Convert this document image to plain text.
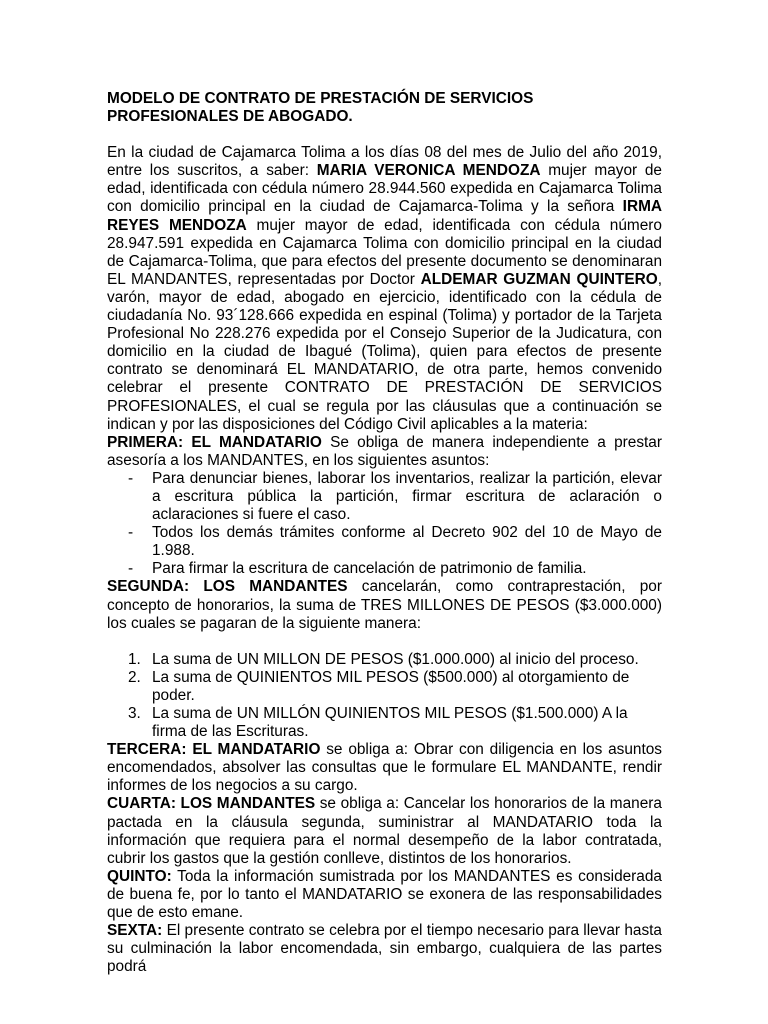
MODELO DE CONTRATO DE PRESTACIÓN DE SERVICIOS PROFESIONALES DE ABOGADO.

En la ciudad de Cajamarca Tolima a los días 08 del mes de Julio del año 2019, entre los suscritos, a saber: MARIA VERONICA MENDOZA mujer mayor de edad, identificada con cédula número 28.944.560 expedida en Cajamarca Tolima con domicilio principal en la ciudad de Cajamarca-Tolima y la señora IRMA REYES MENDOZA mujer mayor de edad, identificada con cédula número 28.947.591 expedida en Cajamarca Tolima con domicilio principal en la ciudad de Cajamarca-Tolima, que para efectos del presente documento se denominaran EL MANDANTES, representadas por Doctor ALDEMAR GUZMAN QUINTERO, varón, mayor de edad, abogado en ejercicio, identificado con la cédula de ciudadanía No. 93´128.666 expedida en espinal (Tolima) y portador de la Tarjeta Profesional No 228.276 expedida por el Consejo Superior de la Judicatura, con domicilio en la ciudad de Ibagué (Tolima), quien para efectos de presente contrato se denominará EL MANDATARIO, de otra parte, hemos convenido celebrar el presente CONTRATO DE PRESTACIÓN DE SERVICIOS PROFESIONALES, el cual se regula por las cláusulas que a continuación se indican y por las disposiciones del Código Civil aplicables a la materia:

PRIMERA: EL MANDATARIO Se obliga de manera independiente a prestar asesoría a los MANDANTES, en los siguientes asuntos:

- Para denunciar bienes, laborar los inventarios, realizar la partición, elevar a escritura pública la partición, firmar escritura de aclaración o aclaraciones si fuere el caso.
- Todos los demás trámites conforme al Decreto 902 del 10 de Mayo de 1.988.
- Para firmar la escritura de cancelación de patrimonio de familia.

SEGUNDA: LOS MANDANTES cancelarán, como contraprestación, por concepto de honorarios, la suma de TRES MILLONES DE PESOS ($3.000.000) los cuales se pagaran de la siguiente manera:

1. La suma de UN MILLON DE PESOS ($1.000.000) al inicio del proceso.
2. La suma de QUINIENTOS MIL PESOS ($500.000) al otorgamiento de poder.
3. La suma de UN MILLÓN QUINIENTOS MIL PESOS ($1.500.000) A la firma de las Escrituras.

TERCERA: EL MANDATARIO se obliga a: Obrar con diligencia en los asuntos encomendados, absolver las consultas que le formulare EL MANDANTE, rendir informes de los negocios a su cargo.

CUARTA: LOS MANDANTES se obliga a: Cancelar los honorarios de la manera pactada en la cláusula segunda, suministrar al MANDATARIO toda la información que requiera para el normal desempeño de la labor contratada, cubrir los gastos que la gestión conlleve, distintos de los honorarios.

QUINTO: Toda la información sumistrada por los MANDANTES es considerada de buena fe, por lo tanto el MANDATARIO se exonera de las responsabilidades que de esto emane.

SEXTA: El presente contrato se celebra por el tiempo necesario para llevar hasta su culminación la labor encomendada, sin embargo, cualquiera de las partes podrá
